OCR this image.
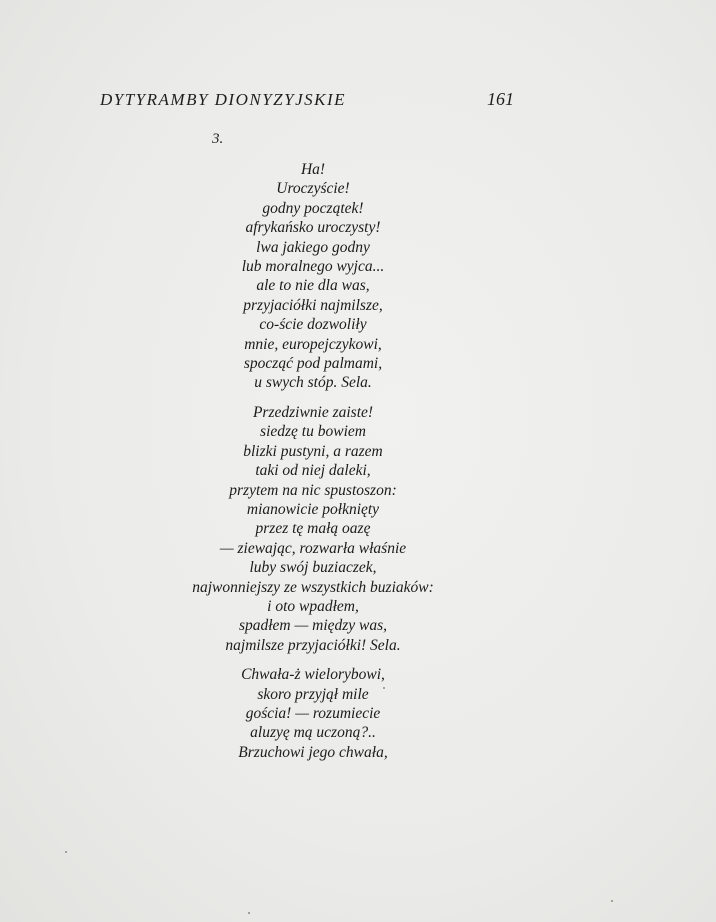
DYTYRAMBY DIONYZYJSKIE	161
3.
Ha!
Uroczyście!
godny początek!
afrykańsko uroczysty!
lwa jakiego godny
lub moralnego wyjca...
ale to nie dla was,
przyjaciółki najmilsze,
co-ście dozwoliły
mnie, europejczykowi,
spocząć pod palmami,
u swych stóp. Sela.
Przedziwnie zaiste!
siedzę tu bowiem
blizki pustyni, a razem
taki od niej daleki,
przytem na nic spustoszon:
mianowicie połknięty
przez tę małą oazę
— ziewając, rozwarła właśnie
luby swój buziaczek,
najwonniejszy ze wszystkich buziaków:
i oto wpadłem,
spadłem — między was,
najmilsze przyjaciółki! Sela.
Chwała-ż wielorybowi,
skoro przyjął mile
gościa! — rozumiecie
aluzyę mą uczoną?..
Brzuchowi jego chwała,
